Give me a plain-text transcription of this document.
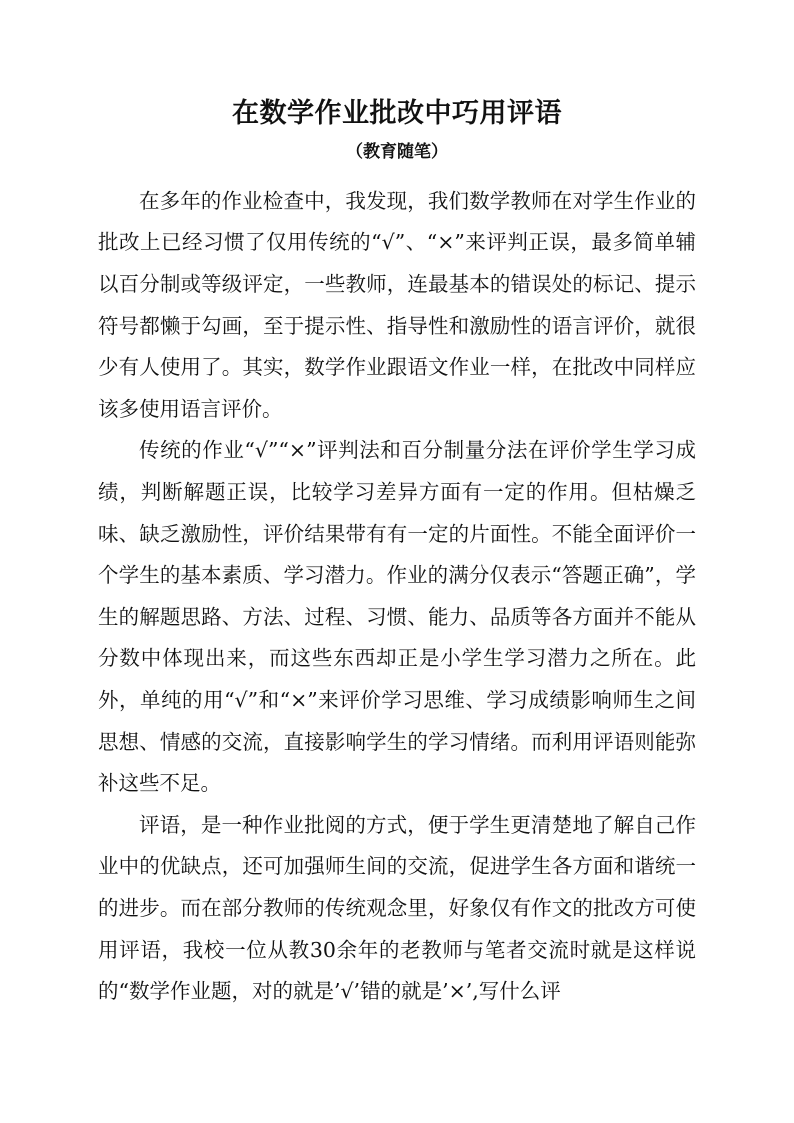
在数学作业批改中巧用评语
（教育随笔）

在多年的作业检查中，我发现，我们数学教师在对学生作业的批改上已经习惯了仅用传统的“√”、“×”来评判正误，最多简单辅以百分制或等级评定，一些教师，连最基本的错误处的标记、提示符号都懒于勾画，至于提示性、指导性和激励性的语言评价，就很少有人使用了。其实，数学作业跟语文作业一样，在批改中同样应该多使用语言评价。

传统的作业“√”“×”评判法和百分制量分法在评价学生学习成绩，判断解题正误，比较学习差异方面有一定的作用。但枯燥乏味、缺乏激励性，评价结果带有有一定的片面性。不能全面评价一个学生的基本素质、学习潜力。作业的满分仅表示“答题正确”，学生的解题思路、方法、过程、习惯、能力、品质等各方面并不能从分数中体现出来，而这些东西却正是小学生学习潜力之所在。此外，单纯的用“√”和“×”来评价学习思维、学习成绩影响师生之间思想、情感的交流，直接影响学生的学习情绪。而利用评语则能弥补这些不足。

评语，是一种作业批阅的方式，便于学生更清楚地了解自己作业中的优缺点，还可加强师生间的交流，促进学生各方面和谐统一的进步。而在部分教师的传统观念里，好象仅有作文的批改方可使用评语，我校一位从教30余年的老教师与笔者交流时就是这样说的“数学作业题，对的就是’√’错的就是’×’,写什么评
